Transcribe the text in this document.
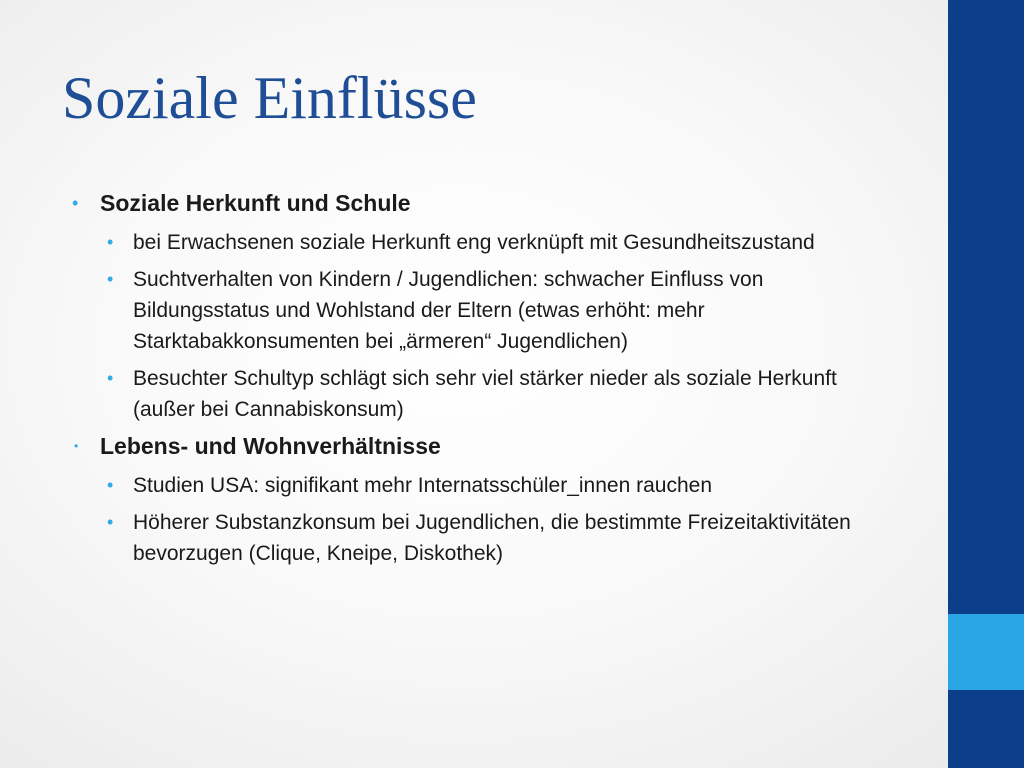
Soziale Einflüsse
• Soziale Herkunft und Schule
• bei Erwachsenen soziale Herkunft eng verknüpft mit Gesundheitszustand
• Suchtverhalten von Kindern / Jugendlichen: schwacher Einfluss von Bildungsstatus und Wohlstand der Eltern (etwas erhöht: mehr Starktabakkonsumenten bei „ärmeren“ Jugendlichen)
• Besuchter Schultyp schlägt sich sehr viel stärker nieder als soziale Herkunft (außer bei Cannabiskonsum)
• Lebens- und Wohnverhältnisse
• Studien USA: signifikant mehr Internatsschüler_innen rauchen
• Höherer Substanzkonsum bei Jugendlichen, die bestimmte Freizeitaktivitäten bevorzugen (Clique, Kneipe, Diskothek)
